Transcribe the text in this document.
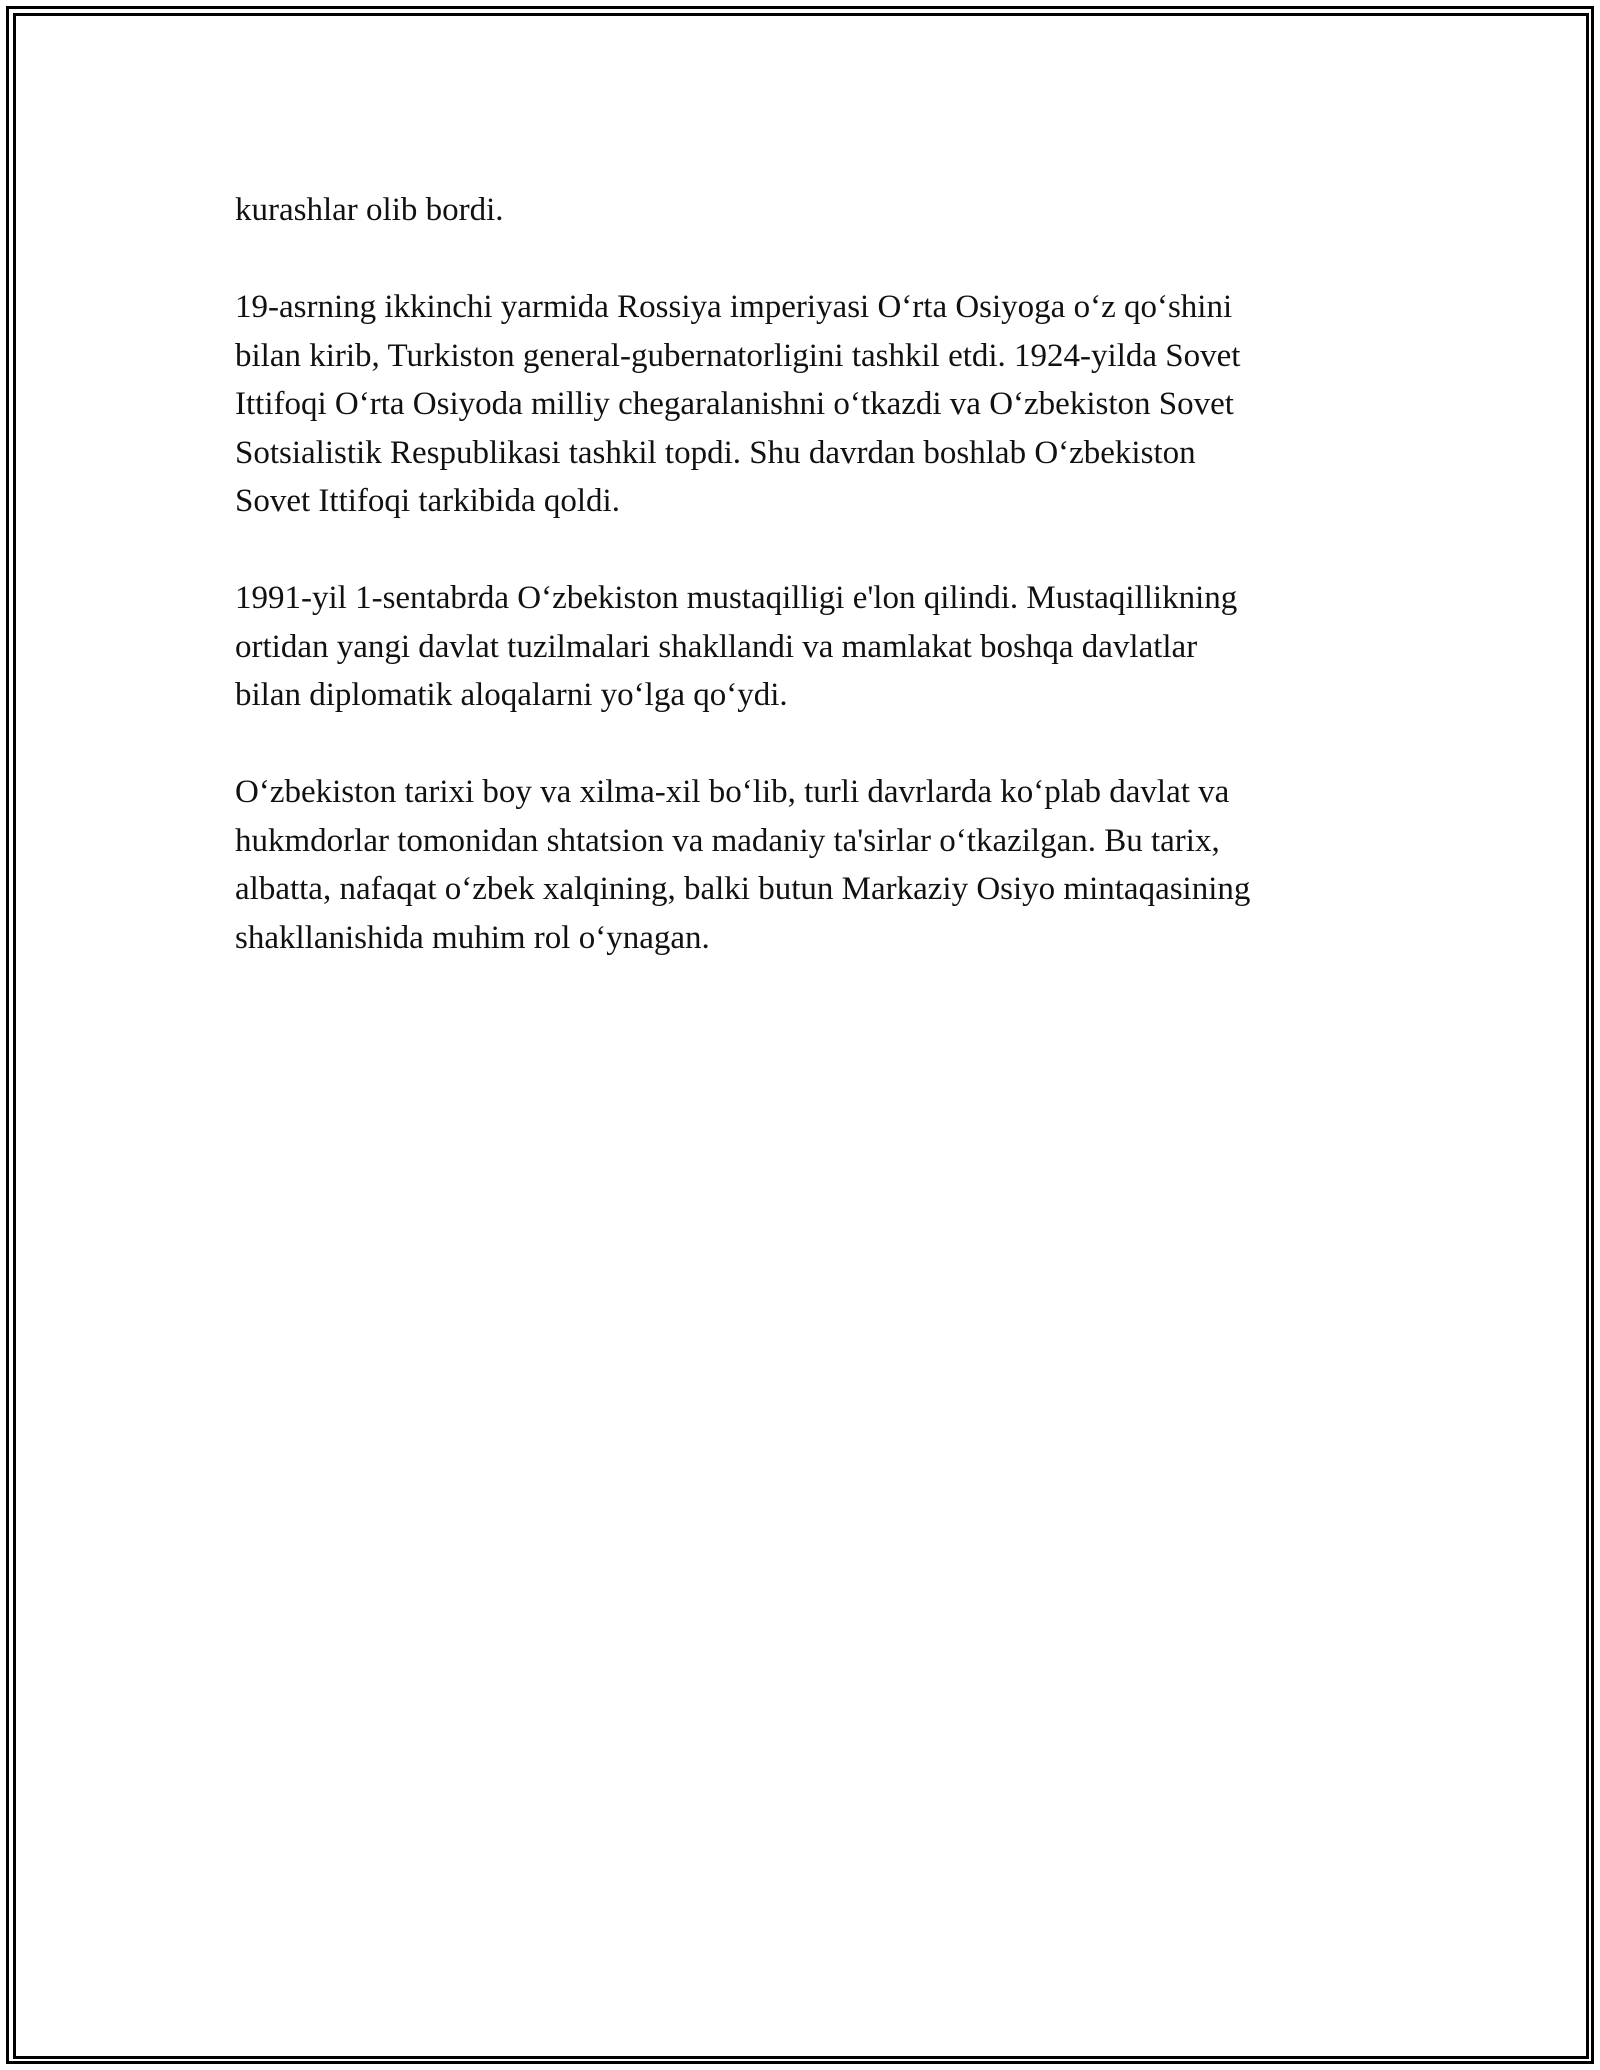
kurashlar olib bordi.

19-asrning ikkinchi yarmida Rossiya imperiyasi O‘rta Osiyoga o‘z qo‘shini
bilan kirib, Turkiston general-gubernatorligini tashkil etdi. 1924-yilda Sovet
Ittifoqi O‘rta Osiyoda milliy chegaralanishni o‘tkazdi va O‘zbekiston Sovet
Sotsialistik Respublikasi tashkil topdi. Shu davrdan boshlab O‘zbekiston
Sovet Ittifoqi tarkibida qoldi.

1991-yil 1-sentabrda O‘zbekiston mustaqilligi e'lon qilindi. Mustaqillikning
ortidan yangi davlat tuzilmalari shakllandi va mamlakat boshqa davlatlar
bilan diplomatik aloqalarni yo‘lga qo‘ydi.

O‘zbekiston tarixi boy va xilma-xil bo‘lib, turli davrlarda ko‘plab davlat va
hukmdorlar tomonidan shtatsion va madaniy ta'sirlar o‘tkazilgan. Bu tarix,
albatta, nafaqat o‘zbek xalqining, balki butun Markaziy Osiyo mintaqasining
shakllanishida muhim rol o‘ynagan.
